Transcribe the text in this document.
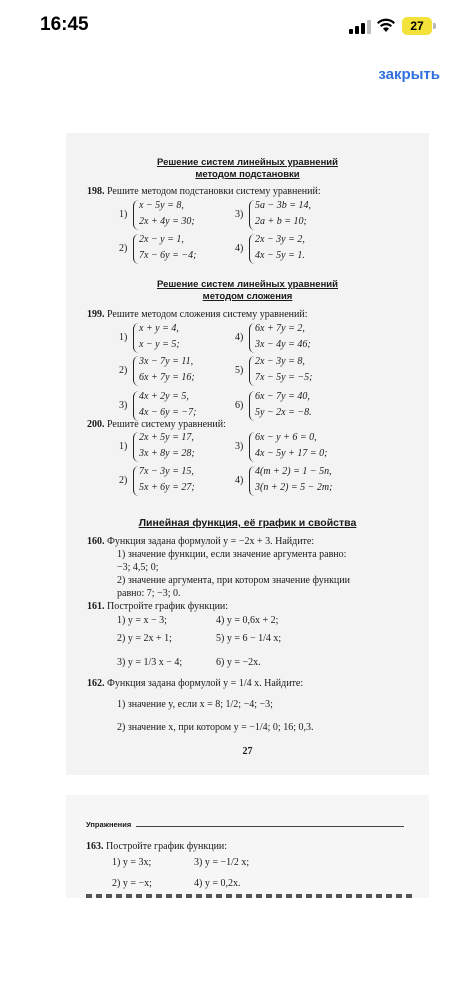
16:45	27
закрыть
Решение систем линейных уравнений
методом подстановки
198. Решите методом подстановки систему уравнений:
1)
x − 5y = 8,
2x + 4y = 30;
3)
5a − 3b = 14,
2a + b = 10;
2)
2x − y = 1,
7x − 6y = −4;
4)
2x − 3y = 2,
4x − 5y = 1.
Решение систем линейных уравнений
методом сложения
199. Решите методом сложения систему уравнений:
1)
x + y = 4,
x − y = 5;
4)
6x + 7y = 2,
3x − 4y = 46;
2)
3x − 7y = 11,
6x + 7y = 16;
5)
2x − 3y = 8,
7x − 5y = −5;
3)
4x + 2y = 5,
4x − 6y = −7;
6)
6x − 7y = 40,
5y − 2x = −8.
200. Решите систему уравнений:
1)
2x + 5y = 17,
3x + 8y = 28;
3)
6x − y + 6 = 0,
4x − 5y + 17 = 0;
2)
7x − 3y = 15,
5x + 6y = 27;
4)
4(m + 2) = 1 − 5n,
3(n + 2) = 5 − 2m;
Линейная функция, её график и свойства
160. Функция задана формулой y = −2x + 3. Найдите:
1) значение функции, если значение аргумента равно:
−3; 4,5; 0;
2) значение аргумента, при котором значение функции
равно: 7; −3; 0.
161. Постройте график функции:
1) y = x − 3;	4) y = 0,6x + 2;
2) y = 2x + 1;	5) y = 6 − 1/4 x;
3) y = 1/3 x − 4;	6) y = −2x.
162. Функция задана формулой y = 1/4 x. Найдите:
1) значение y, если x = 8; 1/2; −4; −3;
2) значение x, при котором y = −1/4; 0; 16; 0,3.
27
Упражнения
163. Постройте график функции:
1) y = 3x;	3) y = −1/2 x;
2) y = −x;	4) y = 0,2x.
